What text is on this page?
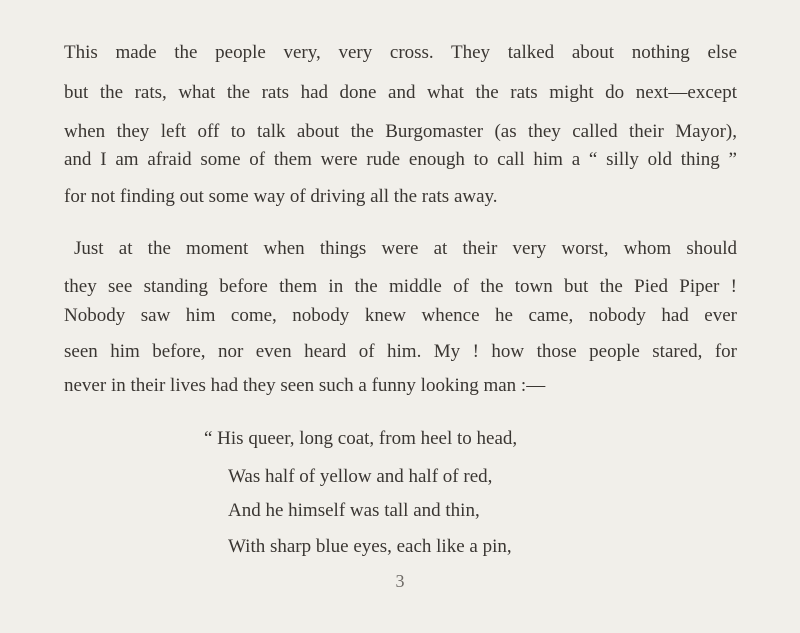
This made the people very, very cross. They talked about nothing else
but the rats, what the rats had done and what the rats might do next—except
when they left off to talk about the Burgomaster (as they called their Mayor),
and I am afraid some of them were rude enough to call him a “ silly old thing ”
for not finding out some way of driving all the rats away.
Just at the moment when things were at their very worst, whom should
they see standing before them in the middle of the town but the Pied Piper !
Nobody saw him come, nobody knew whence he came, nobody had ever
seen him before, nor even heard of him. My ! how those people stared, for
never in their lives had they seen such a funny looking man :—
“ His queer, long coat, from heel to head,
Was half of yellow and half of red,
And he himself was tall and thin,
With sharp blue eyes, each like a pin,
3
